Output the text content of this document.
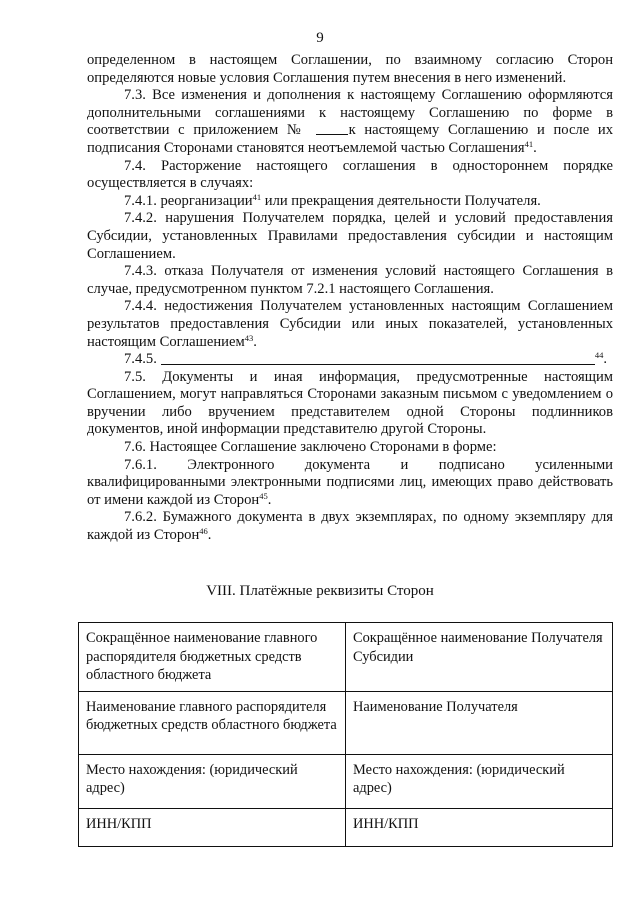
9

определенном в настоящем Соглашении, по взаимному согласию Сторон определяются новые условия Соглашения путем внесения в него изменений.

7.3. Все изменения и дополнения к настоящему Соглашению оформляются дополнительными соглашениями к настоящему Соглашению по форме в соответствии с приложением №	к настоящему Соглашению и после их подписания Сторонами становятся неотъемлемой частью Соглашения$^{41}$.

7.4. Расторжение настоящего соглашения в одностороннем порядке осуществляется в случаях:

7.4.1. реорганизации$^{41}$ или прекращения деятельности Получателя.

7.4.2. нарушения Получателем порядка, целей и условий предоставления Субсидии, установленных Правилами предоставления субсидии и настоящим Соглашением.

7.4.3. отказа Получателя от изменения условий настоящего Соглашения в случае, предусмотренном пунктом 7.2.1 настоящего Соглашения.

7.4.4. недостижения Получателем установленных настоящим Соглашением результатов предоставления Субсидии или иных показателей, установленных настоящим Соглашением$^{43}$.

7.4.5.	$^{44}$.

7.5. Документы и иная информация, предусмотренные настоящим Соглашением, могут направляться Сторонами заказным письмом с уведомлением о вручении либо вручением представителем одной Стороны подлинников документов, иной информации представителю другой Стороны.

7.6. Настоящее Соглашение заключено Сторонами в форме:

7.6.1. Электронного документа и подписано усиленными квалифицированными электронными подписями лиц, имеющих право действовать от имени каждой из Сторон$^{45}$.

7.6.2. Бумажного документа в двух экземплярах, по одному экземпляру для каждой из Сторон$^{46}$.

VIII. Платёжные реквизиты Сторон
Сокращённое наименование главного распорядителя бюджетных средств областного бюджета	Сокращённое наименование Получателя Субсидии
Наименование главного распорядителя бюджетных средств областного бюджета	Наименование Получателя
Место нахождения: (юридический адрес)	Место нахождения: (юридический адрес)
ИНН/КПП	ИНН/КПП
